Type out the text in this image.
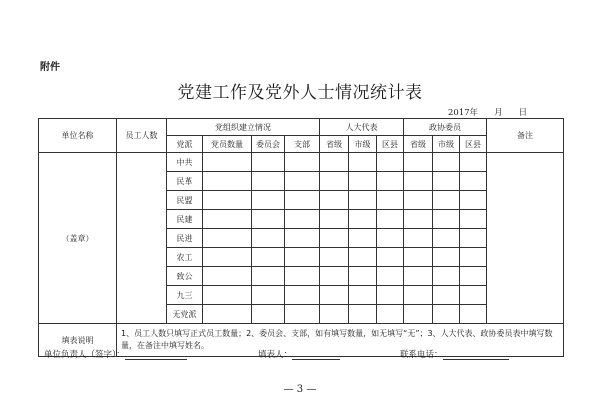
附件
党建工作及党外人士情况统计表
2017年 月 日
单位名称	员工人数	党组织建立情况				人大代表			政协委员			备注
		党派	党员数量	委员会	支部	省级	市级	区县	省级	市级	区县	
（盖章）		中共										
		民革										
		民盟										
		民建										
		民进										
		农工										
		致公										
		九三										
		无党派										
填表说明	1、员工人数只填写正式员工数量；2、委员会、支部，如有填写数量，如无填写“无”；3、人大代表、政协委员表中填写数量，在备注中填写姓名。											
单位负责人（签字）：	填表人：	联系电话：
— 3 —
